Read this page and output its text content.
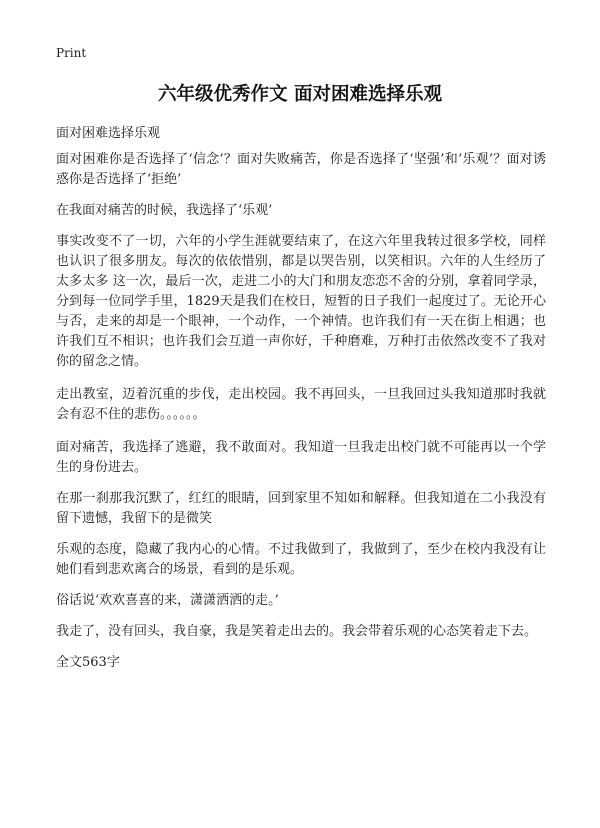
Print
六年级优秀作文 面对困难选择乐观
面对困难选择乐观

面对困难你是否选择了‘信念’？面对失败痛苦，你是否选择了‘坚强’和‘乐观’？面对诱惑你是否选择了‘拒绝’

在我面对痛苦的时候，我选择了‘乐观’

事实改变不了一切，六年的小学生涯就要结束了，在这六年里我转过很多学校，同样也认识了很多朋友。每次的依依惜别，都是以哭告别，以笑相识。六年的人生经历了太多太多 这一次，最后一次，走进二小的大门和朋友恋恋不舍的分别，拿着同学录，分到每一位同学手里，1829天是我们在校日，短暂的日子我们一起度过了。无论开心与否，走来的却是一个眼神，一个动作，一个神情。也许我们有一天在街上相遇；也许我们互不相识；也许我们会互道一声你好，千种磨难，万种打击依然改变不了我对你的留念之情。

走出教室，迈着沉重的步伐，走出校园。我不再回头，一旦我回过头我知道那时我就会有忍不住的悲伤。。。。。。

面对痛苦，我选择了逃避，我不敢面对。我知道一旦我走出校门就不可能再以一个学生的身份进去。

在那一刹那我沉默了，红红的眼睛，回到家里不知如和解释。但我知道在二小我没有留下遗憾，我留下的是微笑

乐观的态度，隐藏了我内心的心情。不过我做到了，我做到了，至少在校内我没有让她们看到悲欢离合的场景，看到的是乐观。

俗话说‘欢欢喜喜的来，潇潇洒洒的走。’

我走了，没有回头，我自豪，我是笑着走出去的。我会带着乐观的心态笑着走下去。

全文563字
